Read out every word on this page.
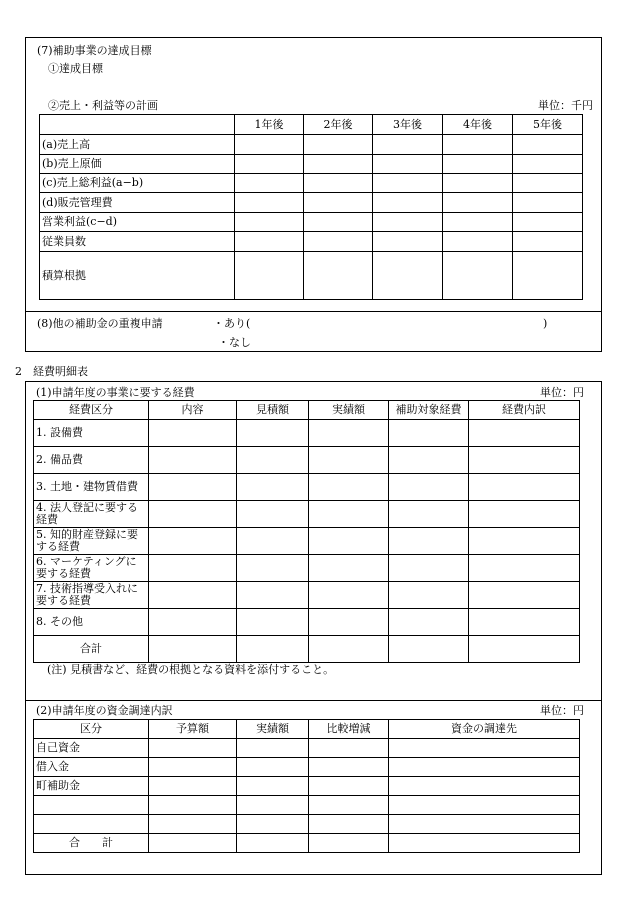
(7)補助事業の達成目標
①達成目標
②売上・利益等の計画	単位：千円
	1年後	2年後	3年後	4年後	5年後
(a)売上高					
(b)売上原価					
(c)売上総利益(a−b)					
(d)販売管理費					
営業利益(c−d)					
従業員数					
積算根拠					
(8)他の補助金の重複申請	・あり(	)
・なし
2　経費明細表
(1)申請年度の事業に要する経費	単位：円
経費区分	内容	見積額	実績額	補助対象経費	経費内訳
1. 設備費					
2. 備品費					
3. 土地・建物賃借費					
4. 法人登記に要する経費					
5. 知的財産登録に要する経費					
6. マーケティングに要する経費					
7. 技術指導受入れに要する経費					
8. その他					
合計					
(注) 見積書など、経費の根拠となる資料を添付すること。
(2)申請年度の資金調達内訳	単位：円
区分	予算額	実績額	比較増減	資金の調達先
自己資金				
借入金				
町補助金				

合　　計				
